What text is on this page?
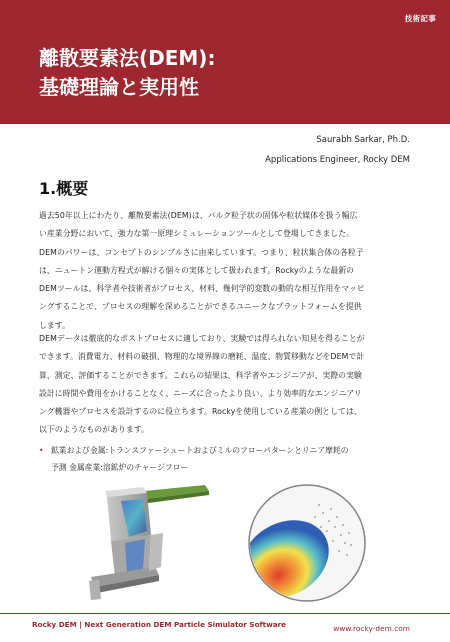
技術記事
離散要素法(DEM):
基礎理論と実用性
Saurabh Sarkar, Ph.D.
Applications Engineer, Rocky DEM
1.概要

過去50年以上にわたり、離散要素法(DEM)は、バルク粒子状の固体や粒状媒体を扱う幅広
い産業分野において、強力な第一原理シミュレーションツールとして登場してきました。
DEMのパワーは、コンセプトのシンプルさに由来しています。つまり、粒状集合体の各粒子
は、ニュートン運動方程式が解ける個々の実体として扱われます。Rockyのような最新の
DEMツールは、科学者や技術者がプロセス、材料、幾何学的変数の動的な相互作用をマッピ
ングすることで、プロセスの理解を深めることができるユニークなプラットフォームを提供
します。

DEMデータは徹底的なポストプロセスに適しており、実験では得られない知見を得ることが
できます。消費電力、材料の破損、物理的な境界線の磨耗、温度、物質移動などをDEMで計
算、測定、評価することができます。これらの結果は、科学者やエンジニアが、実際の実験
設計に時間や費用をかけることなく、ニーズに合ったより良い、より効率的なエンジニアリ
ング機器やプロセスを設計するのに役立ちます。Rockyを使用している産業の例としては、
以下のようなものがあります。

• 鉱業および金属:トランスファーシュートおよびミルのフローパターンとリニア摩耗の
予測 金属産業:溶鉱炉のチャージフロー
Rocky DEM | Next Generation DEM Particle Simulator Software	www.rocky-dem.com
